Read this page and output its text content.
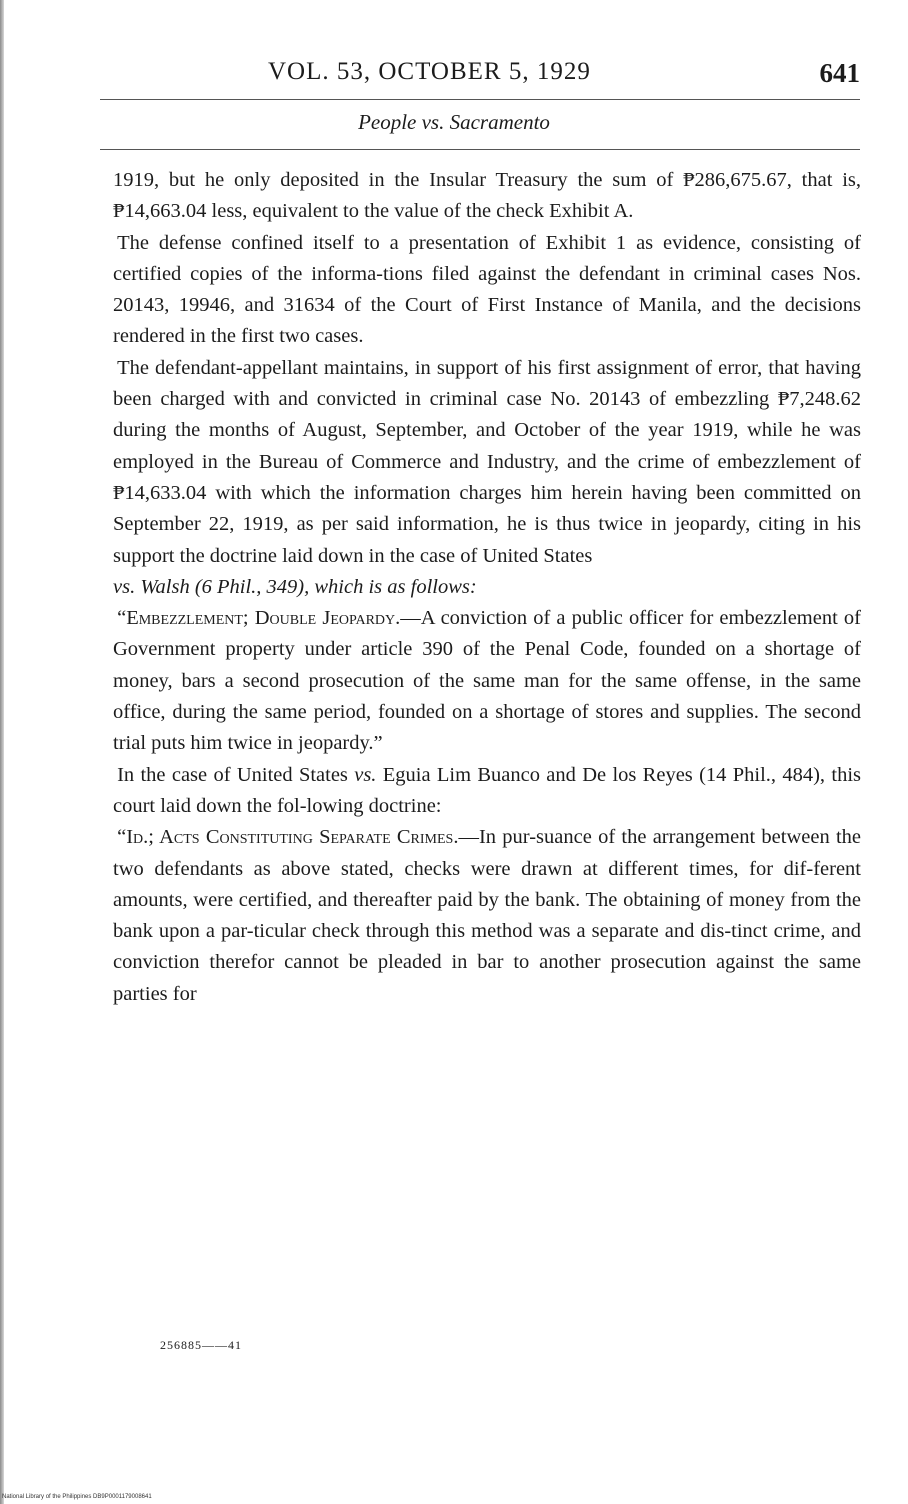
VOL. 53, OCTOBER 5, 1929	641
People vs. Sacramento

1919, but he only deposited in the Insular Treasury the sum of ₱286,675.67, that is, ₱14,663.04 less, equivalent to the value of the check Exhibit A.

The defense confined itself to a presentation of Exhibit 1 as evidence, consisting of certified copies of the informa-tions filed against the defendant in criminal cases Nos. 20143, 19946, and 31634 of the Court of First Instance of Manila, and the decisions rendered in the first two cases.

The defendant-appellant maintains, in support of his first assignment of error, that having been charged with and convicted in criminal case No. 20143 of embezzling ₱7,248.62 during the months of August, September, and October of the year 1919, while he was employed in the Bureau of Commerce and Industry, and the crime of embezzlement of ₱14,633.04 with which the information charges him herein having been committed on September 22, 1919, as per said information, he is thus twice in jeopardy, citing in his support the doctrine laid down in the case of United States

vs. Walsh (6 Phil., 349), which is as follows:

“Embezzlement; Double Jeopardy.—A conviction of a public officer for embezzlement of Government property under article 390 of the Penal Code, founded on a shortage of money, bars a second prosecution of the same man for the same offense, in the same office, during the same period, founded on a shortage of stores and supplies. The second trial puts him twice in jeopardy.”

In the case of United States vs. Eguia Lim Buanco and De los Reyes (14 Phil., 484), this court laid down the fol-lowing doctrine:

“Id.; Acts Constituting Separate Crimes.—In pur-suance of the arrangement between the two defendants as above stated, checks were drawn at different times, for dif-ferent amounts, were certified, and thereafter paid by the bank. The obtaining of money from the bank upon a par-ticular check through this method was a separate and dis-tinct crime, and conviction therefor cannot be pleaded in bar to another prosecution against the same parties for

256885——41
National Library of the Philippines DB9P0001179008641
